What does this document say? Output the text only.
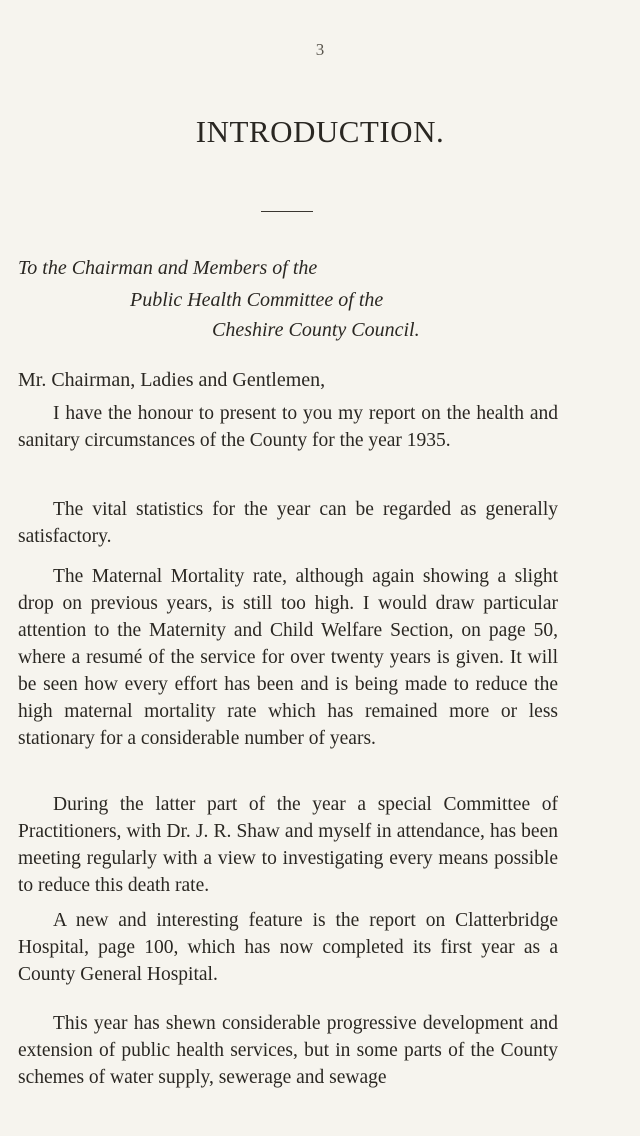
3
INTRODUCTION.
To the Chairman and Members of the
Public Health Committee of the
Cheshire County Council.
Mr. Chairman, Ladies and Gentlemen,

I have the honour to present to you my report on the health and sanitary circumstances of the County for the year 1935.

The vital statistics for the year can be regarded as generally satisfactory.

The Maternal Mortality rate, although again showing a slight drop on previous years, is still too high. I would draw particular attention to the Maternity and Child Welfare Section, on page 50, where a resumé of the service for over twenty years is given. It will be seen how every effort has been and is being made to reduce the high maternal mortality rate which has remained more or less stationary for a considerable number of years.

During the latter part of the year a special Committee of Practitioners, with Dr. J. R. Shaw and myself in attendance, has been meeting regularly with a view to investigating every means possible to reduce this death rate.

A new and interesting feature is the report on Clatterbridge Hospital, page 100, which has now completed its first year as a County General Hospital.

This year has shewn considerable progressive development and extension of public health services, but in some parts of the County schemes of water supply, sewerage and sewage
